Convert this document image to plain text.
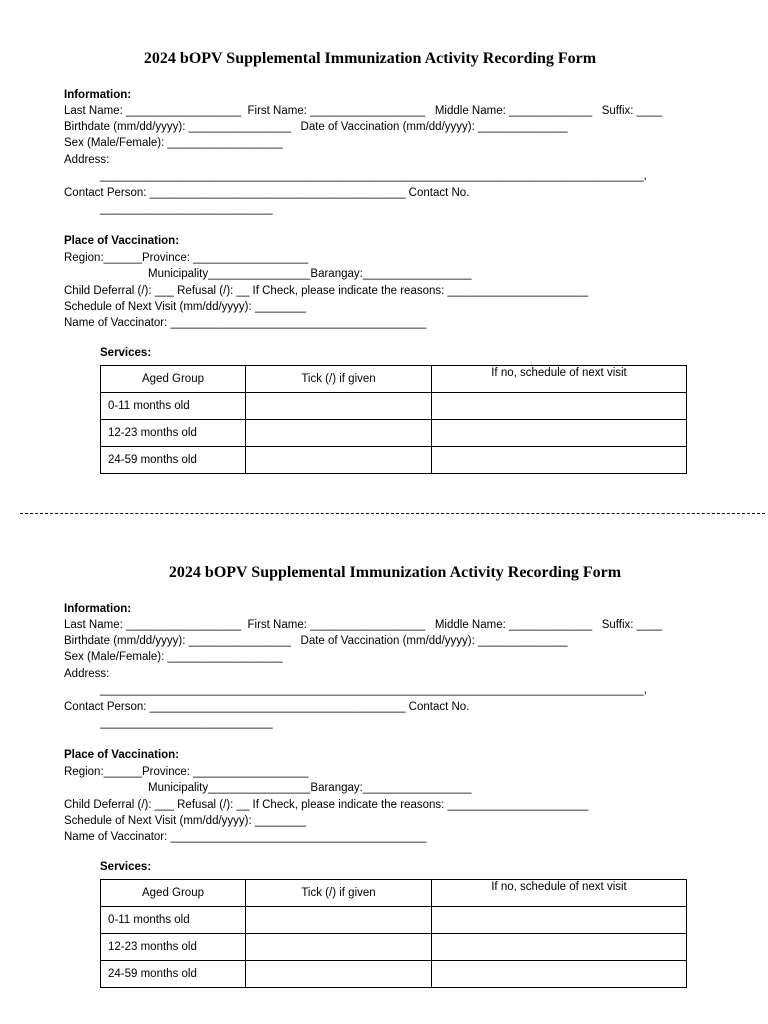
2024 bOPV Supplemental Immunization Activity Recording Form
Information:
Last Name: __________________  First Name: __________________   Middle Name: _____________   Suffix: ____
Birthdate (mm/dd/yyyy): ________________   Date of Vaccination (mm/dd/yyyy): ______________
Sex (Male/Female): __________________
Address:
_____________________________________________________________________________________,
Contact Person: ________________________________________ Contact No.
___________________________
Place of Vaccination:
Region:______Province: __________________
Municipality________________Barangay:_________________
Child Deferral (/): ___ Refusal (/): __ If Check, please indicate the reasons: ______________________
Schedule of Next Visit (mm/dd/yyyy): ________
Name of Vaccinator: ________________________________________
Services:
Aged Group	Tick (/) if given	If no, schedule of next visit
0-11 months old		
12-23 months old		
24-59 months old		
2024 bOPV Supplemental Immunization Activity Recording Form
Information:
Last Name: __________________  First Name: __________________   Middle Name: _____________   Suffix: ____
Birthdate (mm/dd/yyyy): ________________   Date of Vaccination (mm/dd/yyyy): ______________
Sex (Male/Female): __________________
Address:
_____________________________________________________________________________________,
Contact Person: ________________________________________ Contact No.
___________________________
Place of Vaccination:
Region:______Province: __________________
Municipality________________Barangay:_________________
Child Deferral (/): ___ Refusal (/): __ If Check, please indicate the reasons: ______________________
Schedule of Next Visit (mm/dd/yyyy): ________
Name of Vaccinator: ________________________________________
Services:
Aged Group	Tick (/) if given	If no, schedule of next visit
0-11 months old		
12-23 months old		
24-59 months old		
